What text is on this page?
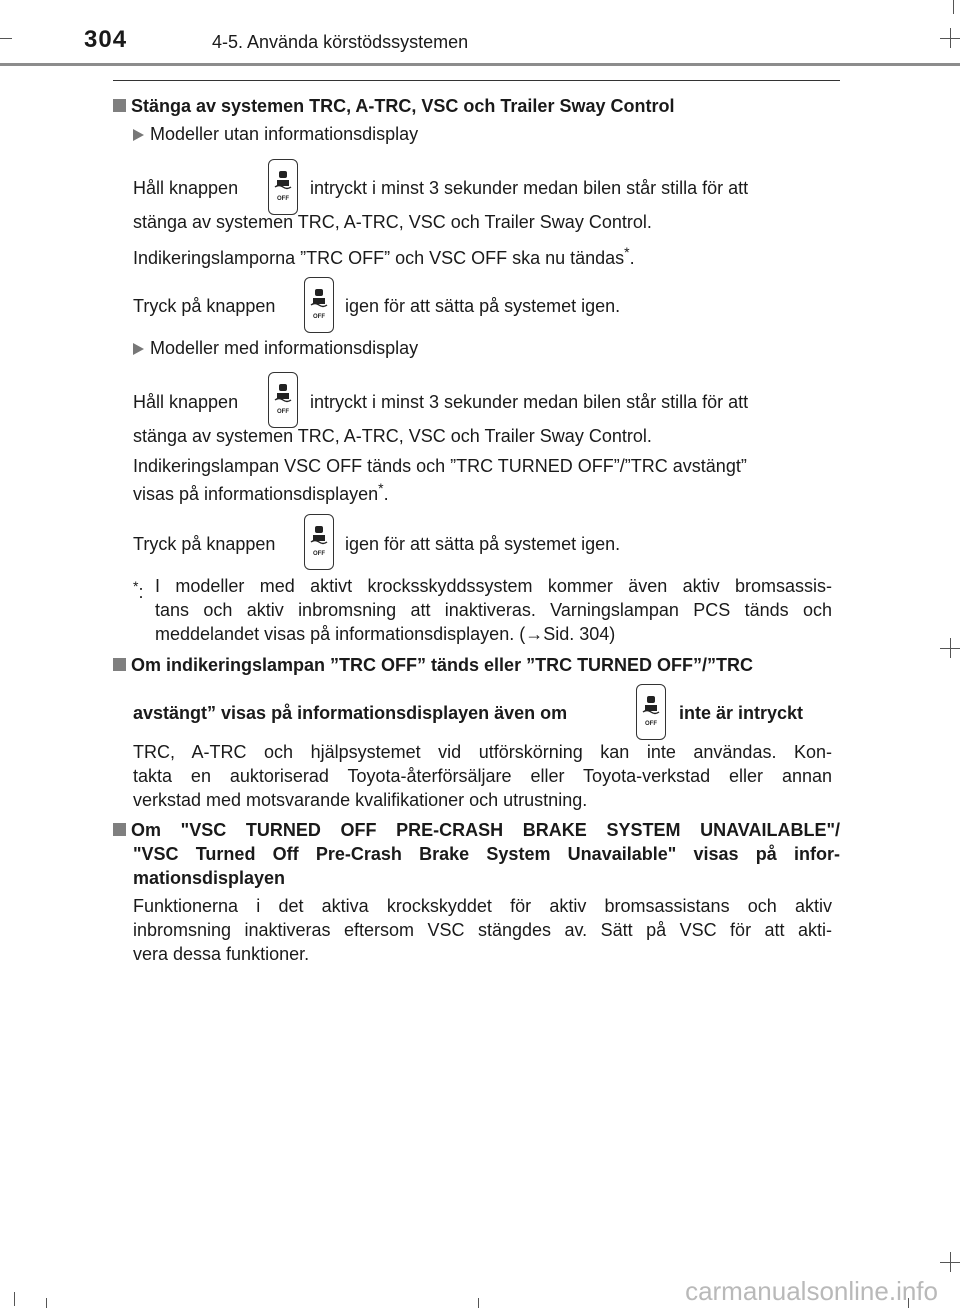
304	4-5. Använda körstödssystemen
Stänga av systemen TRC, A-TRC, VSC och Trailer Sway Control
Modeller utan informationsdisplay
Håll knappen
OFF
intryckt i minst 3 sekunder medan bilen står stilla för att
stänga av systemen TRC, A-TRC, VSC och Trailer Sway Control.
Indikeringslamporna ”TRC OFF” och VSC OFF ska nu tändas*.
Tryck på knappen
OFF
igen för att sätta på systemet igen.
Modeller med informationsdisplay
Håll knappen	OFF intryckt i minst 3 sekunder medan bilen står stilla för att
stänga av systemen TRC, A-TRC, VSC och Trailer Sway Control.
Indikeringslampan VSC OFF tänds och ”TRC TURNED OFF”/”TRC avstängt”
visas på informationsdisplayen*.
Tryck på knappen	OFF igen för att sätta på systemet igen.
*: I modeller med aktivt krocksskyddssystem kommer även aktiv bromsassis-
tans och aktiv inbromsning att inaktiveras. Varningslampan PCS tänds och
meddelandet visas på informationsdisplayen. (→Sid. 304)
Om indikeringslampan ”TRC OFF” tänds eller ”TRC TURNED OFF”/”TRC
avstängt” visas på informationsdisplayen även om
OFF
inte är intryckt
TRC, A-TRC och hjälpsystemet vid utförskörning kan inte användas. Kon-
takta en auktoriserad Toyota-återförsäljare eller Toyota-verkstad eller annan
verkstad med motsvarande kvalifikationer och utrustning.
Om "VSC TURNED OFF PRE-CRASH BRAKE SYSTEM UNAVAILABLE"/
"VSC Turned Off Pre-Crash Brake System Unavailable" visas på infor-
mationsdisplayen
Funktionerna i det aktiva krockskyddet för aktiv bromsassistans och aktiv
inbromsning inaktiveras eftersom VSC stängdes av. Sätt på VSC för att akti-
vera dessa funktioner.
carmanualsonline.info
